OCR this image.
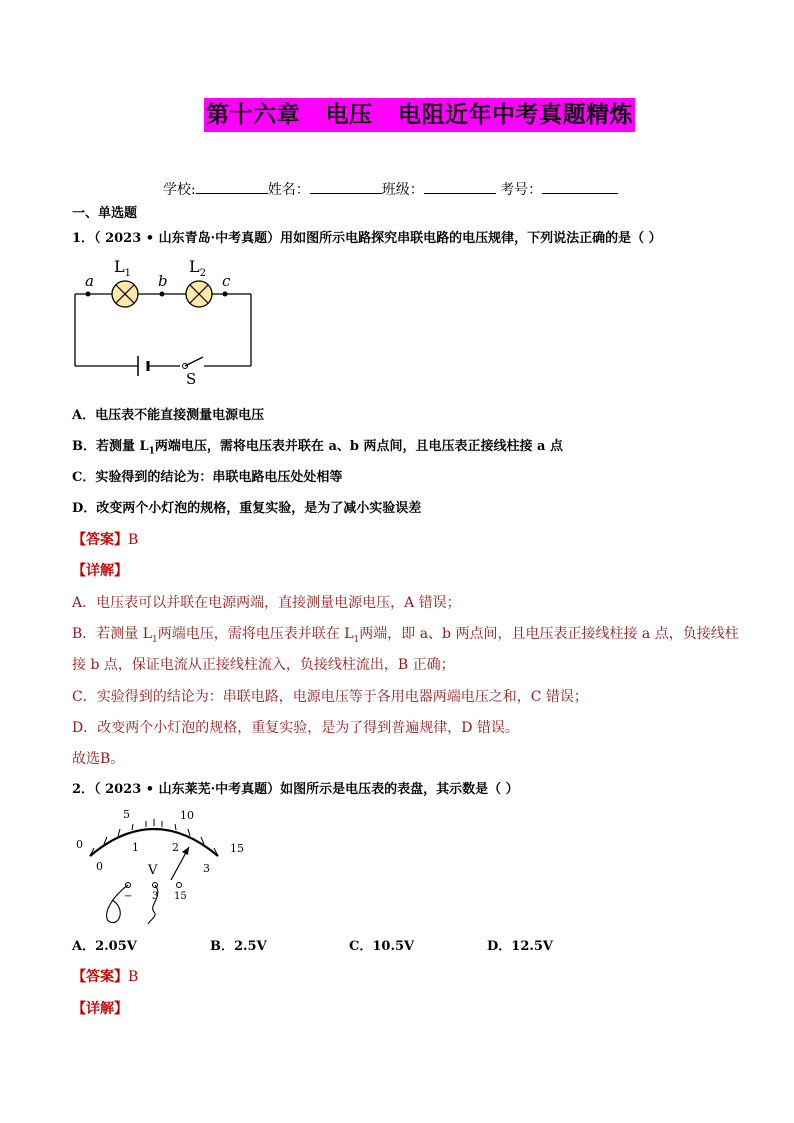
第十六章   电压   电阻近年中考真题精炼
学校:	姓名：	班级：	考号：
一、单选题
1．（ 2023 • 山东青岛·中考真题）用如图所示电路探究串联电路的电压规律，下列说法正确的是（ ）
a	b	c
$L_1$	$L_2$
S
A．电压表不能直接测量电源电压
B．若测量 $L_1$两端电压，需将电压表并联在 a、b 两点间，且电压表正接线柱接 a 点
C．实验得到的结论为：串联电路电压处处相等
D．改变两个小灯泡的规格，重复实验，是为了减小实验误差
【答案】B
【详解】
A．电压表可以并联在电源两端，直接测量电源电压，A 错误；
B．若测量 $L_1$两端电压，需将电压表并联在 $L_1$两端，即 a、b 两点间，且电压表正接线柱接 a 点，负接线柱
接 b 点，保证电流从正接线柱流入，负接线柱流出，B 正确；
C．实验得到的结论为：串联电路，电源电压等于各用电器两端电压之和，C 错误；
D．改变两个小灯泡的规格，重复实验，是为了得到普遍规律，D 错误。
故选B。
2．（ 2023 • 山东莱芜·中考真题）如图所示是电压表的表盘，其示数是（ ）
0
5	10
15
0
1	2
3
V
− 3 15
A．2.05V	B．2.5V	C．10.5V	D．12.5V
【答案】B
【详解】
